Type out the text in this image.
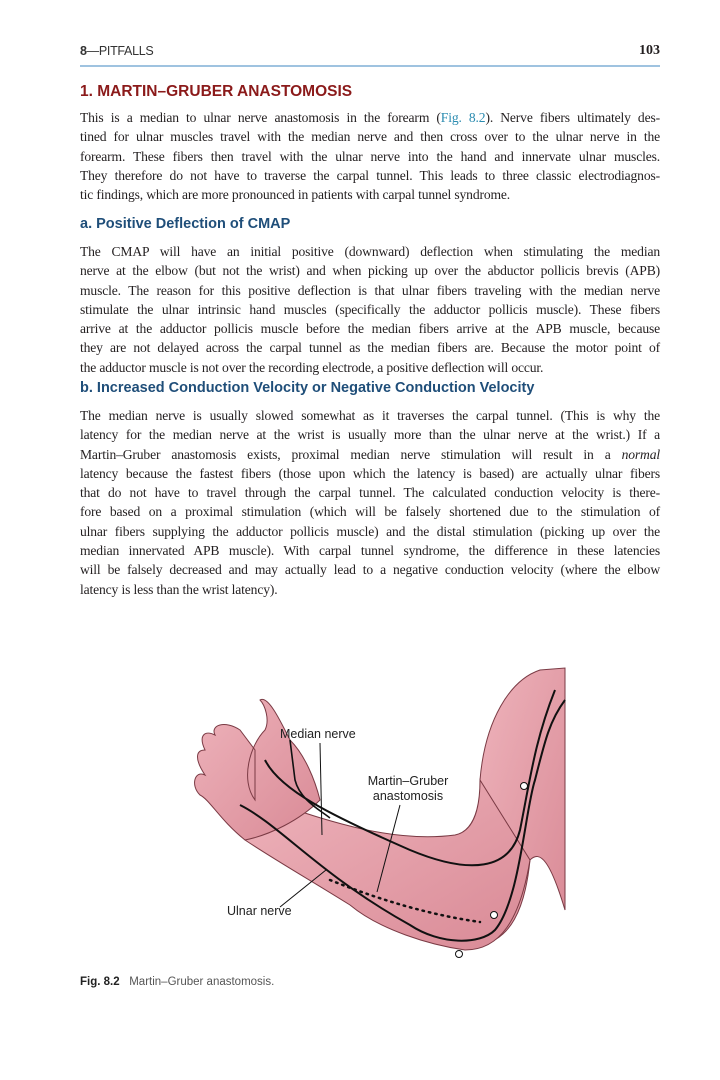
8—PITFALLS	103
1. MARTIN–GRUBER ANASTOMOSIS
This is a median to ulnar nerve anastomosis in the forearm (Fig. 8.2). Nerve fibers ultimately des-
tined for ulnar muscles travel with the median nerve and then cross over to the ulnar nerve in the
forearm. These fibers then travel with the ulnar nerve into the hand and innervate ulnar muscles.
They therefore do not have to traverse the carpal tunnel. This leads to three classic electrodiagnos-
tic findings, which are more pronounced in patients with carpal tunnel syndrome.
a. Positive Deflection of CMAP
The CMAP will have an initial positive (downward) deflection when stimulating the median
nerve at the elbow (but not the wrist) and when picking up over the abductor pollicis brevis (APB)
muscle. The reason for this positive deflection is that ulnar fibers traveling with the median nerve
stimulate the ulnar intrinsic hand muscles (specifically the adductor pollicis muscle). These fibers
arrive at the adductor pollicis muscle before the median fibers arrive at the APB muscle, because
they are not delayed across the carpal tunnel as the median fibers are. Because the motor point of
the adductor muscle is not over the recording electrode, a positive deflection will occur.
b. Increased Conduction Velocity or Negative Conduction Velocity
The median nerve is usually slowed somewhat as it traverses the carpal tunnel. (This is why the
latency for the median nerve at the wrist is usually more than the ulnar nerve at the wrist.) If a
Martin–Gruber anastomosis exists, proximal median nerve stimulation will result in a normal
latency because the fastest fibers (those upon which the latency is based) are actually ulnar fibers
that do not have to travel through the carpal tunnel. The calculated conduction velocity is there-
fore based on a proximal stimulation (which will be falsely shortened due to the stimulation of
ulnar fibers supplying the adductor pollicis muscle) and the distal stimulation (picking up over the
median innervated APB muscle). With carpal tunnel syndrome, the difference in these latencies
will be falsely decreased and may actually lead to a negative conduction velocity (where the elbow
latency is less than the wrist latency).
Median nerve
Martin–Gruber
anastomosis
Ulnar nerve
Fig. 8.2 Martin–Gruber anastomosis.
